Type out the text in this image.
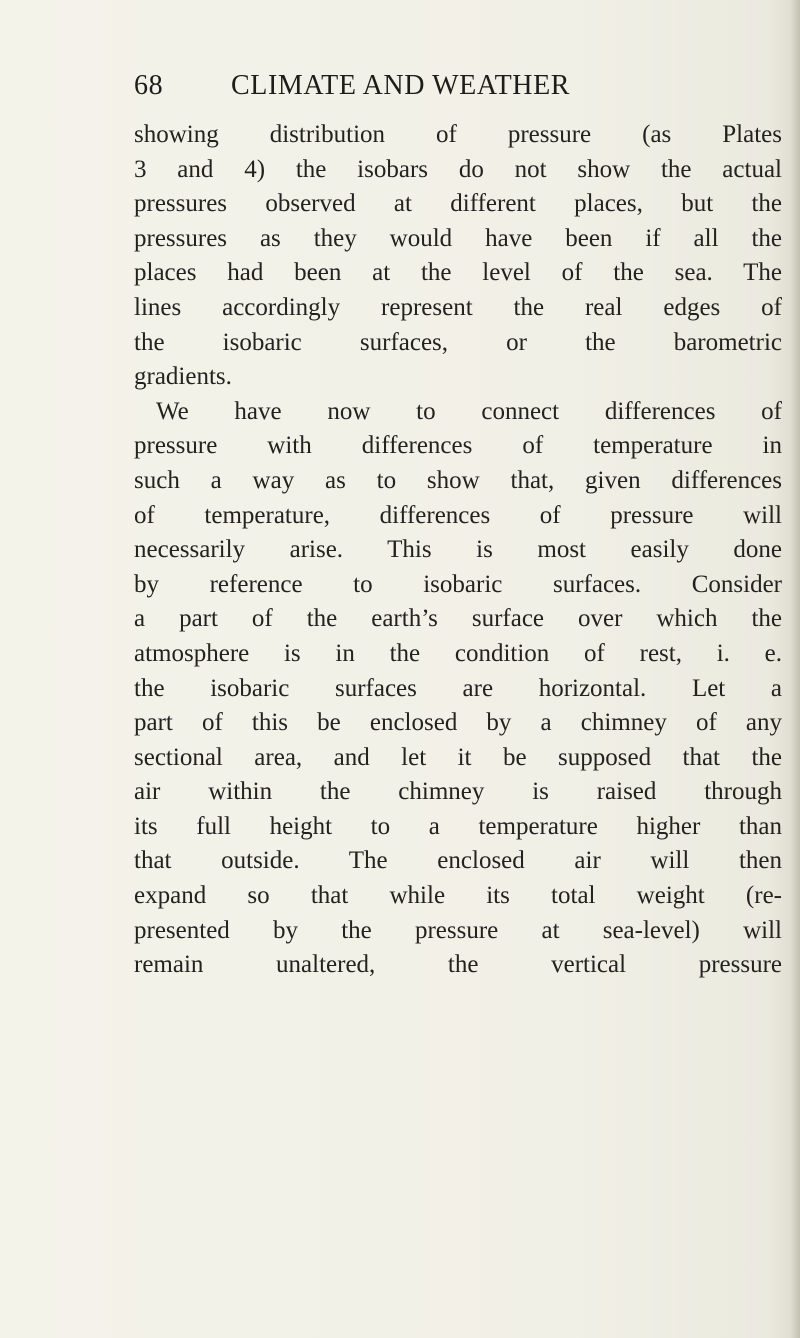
68 CLIMATE AND WEATHER
showing distribution of pressure (as Plates
3 and 4) the isobars do not show the actual
pressures observed at different places, but the
pressures as they would have been if all the
places had been at the level of the sea. The
lines accordingly represent the real edges of
the isobaric surfaces, or the barometric
gradients.
We have now to connect differences of
pressure with differences of temperature in
such a way as to show that, given differences
of temperature, differences of pressure will
necessarily arise. This is most easily done
by reference to isobaric surfaces. Consider
a part of the earth’s surface over which the
atmosphere is in the condition of rest, i. e.
the isobaric surfaces are horizontal. Let a
part of this be enclosed by a chimney of any
sectional area, and let it be supposed that the
air within the chimney is raised through
its full height to a temperature higher than
that outside. The enclosed air will then
expand so that while its total weight (re-
presented by the pressure at sea-level) will
remain unaltered, the vertical pressure
